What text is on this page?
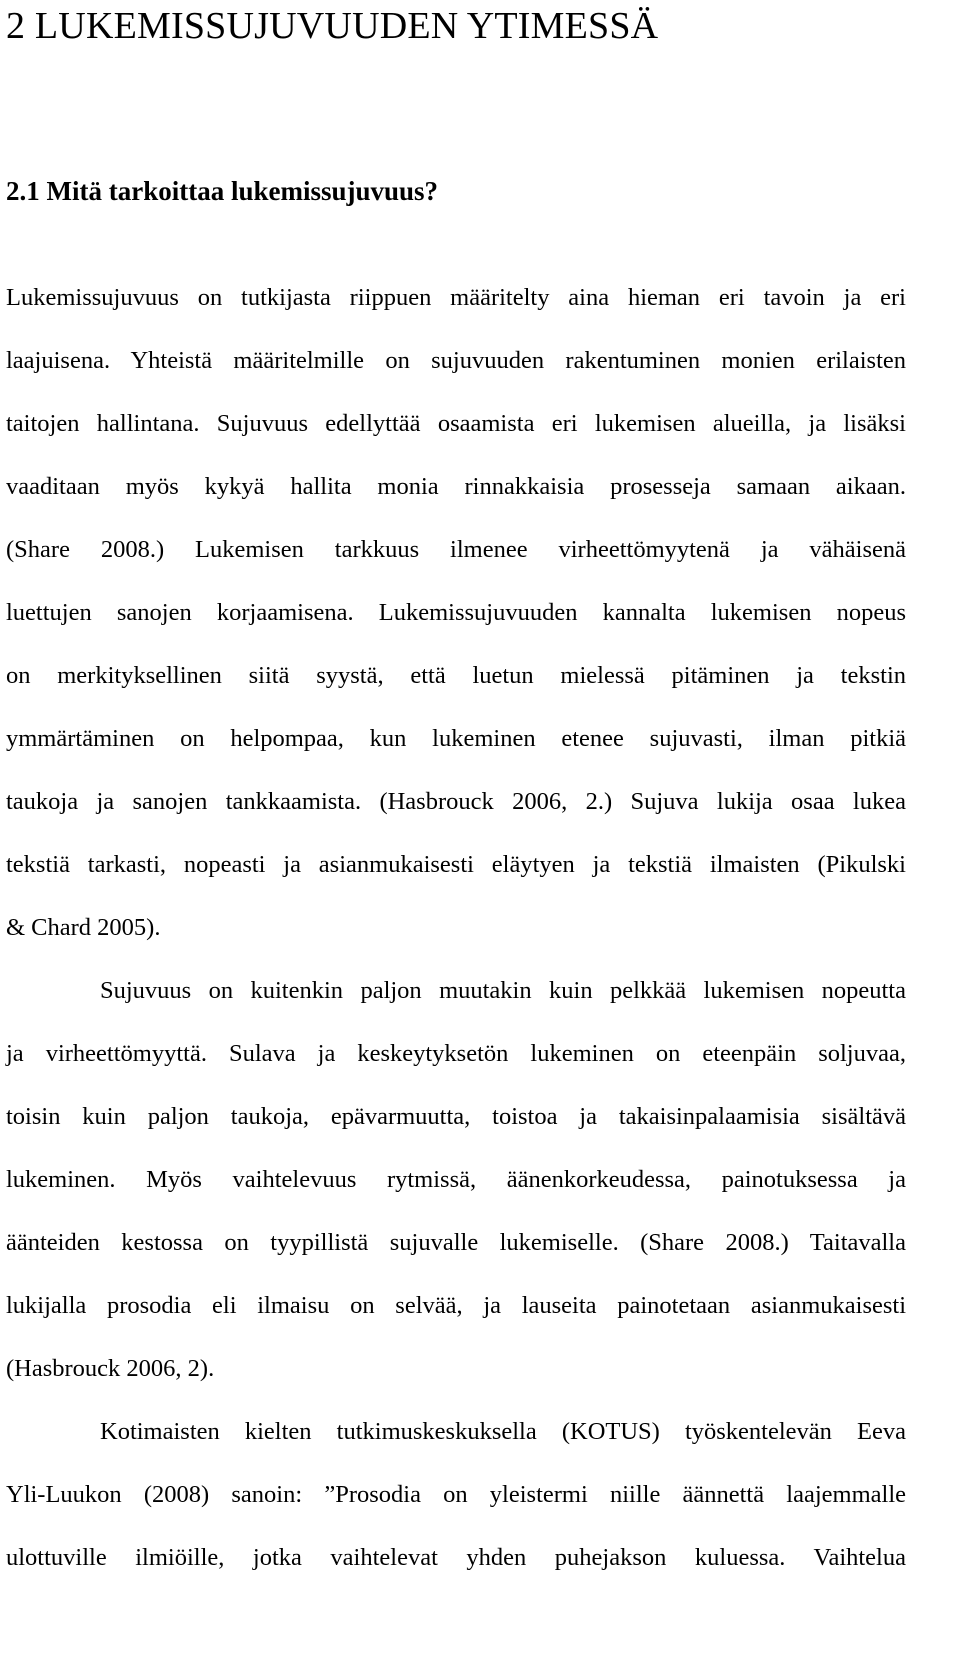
2 LUKEMISSUJUVUUDEN YTIMESSÄ
2.1 Mitä tarkoittaa lukemissujuvuus?
Lukemissujuvuus on tutkijasta riippuen määritelty aina hieman eri tavoin ja eri
laajuisena. Yhteistä määritelmille on sujuvuuden rakentuminen monien erilaisten
taitojen hallintana. Sujuvuus edellyttää osaamista eri lukemisen alueilla, ja lisäksi
vaaditaan myös kykyä hallita monia rinnakkaisia prosesseja samaan aikaan.
(Share 2008.) Lukemisen tarkkuus ilmenee virheettömyytenä ja vähäisenä
luettujen sanojen korjaamisena. Lukemissujuvuuden kannalta lukemisen nopeus
on merkityksellinen siitä syystä, että luetun mielessä pitäminen ja tekstin
ymmärtäminen on helpompaa, kun lukeminen etenee sujuvasti, ilman pitkiä
taukoja ja sanojen tankkaamista. (Hasbrouck 2006, 2.) Sujuva lukija osaa lukea
tekstiä tarkasti, nopeasti ja asianmukaisesti eläytyen ja tekstiä ilmaisten (Pikulski
& Chard 2005).
Sujuvuus on kuitenkin paljon muutakin kuin pelkkää lukemisen nopeutta
ja virheettömyyttä. Sulava ja keskeytyksetön lukeminen on eteenpäin soljuvaa,
toisin kuin paljon taukoja, epävarmuutta, toistoa ja takaisinpalaamisia sisältävä
lukeminen. Myös vaihtelevuus rytmissä, äänenkorkeudessa, painotuksessa ja
äänteiden kestossa on tyypillistä sujuvalle lukemiselle. (Share 2008.) Taitavalla
lukijalla prosodia eli ilmaisu on selvää, ja lauseita painotetaan asianmukaisesti
(Hasbrouck 2006, 2).
Kotimaisten kielten tutkimuskeskuksella (KOTUS) työskentelevän Eeva
Yli-Luukon (2008) sanoin: ”Prosodia on yleistermi niille äännettä laajemmalle
ulottuville ilmiöille, jotka vaihtelevat yhden puhejakson kuluessa. Vaihtelua
